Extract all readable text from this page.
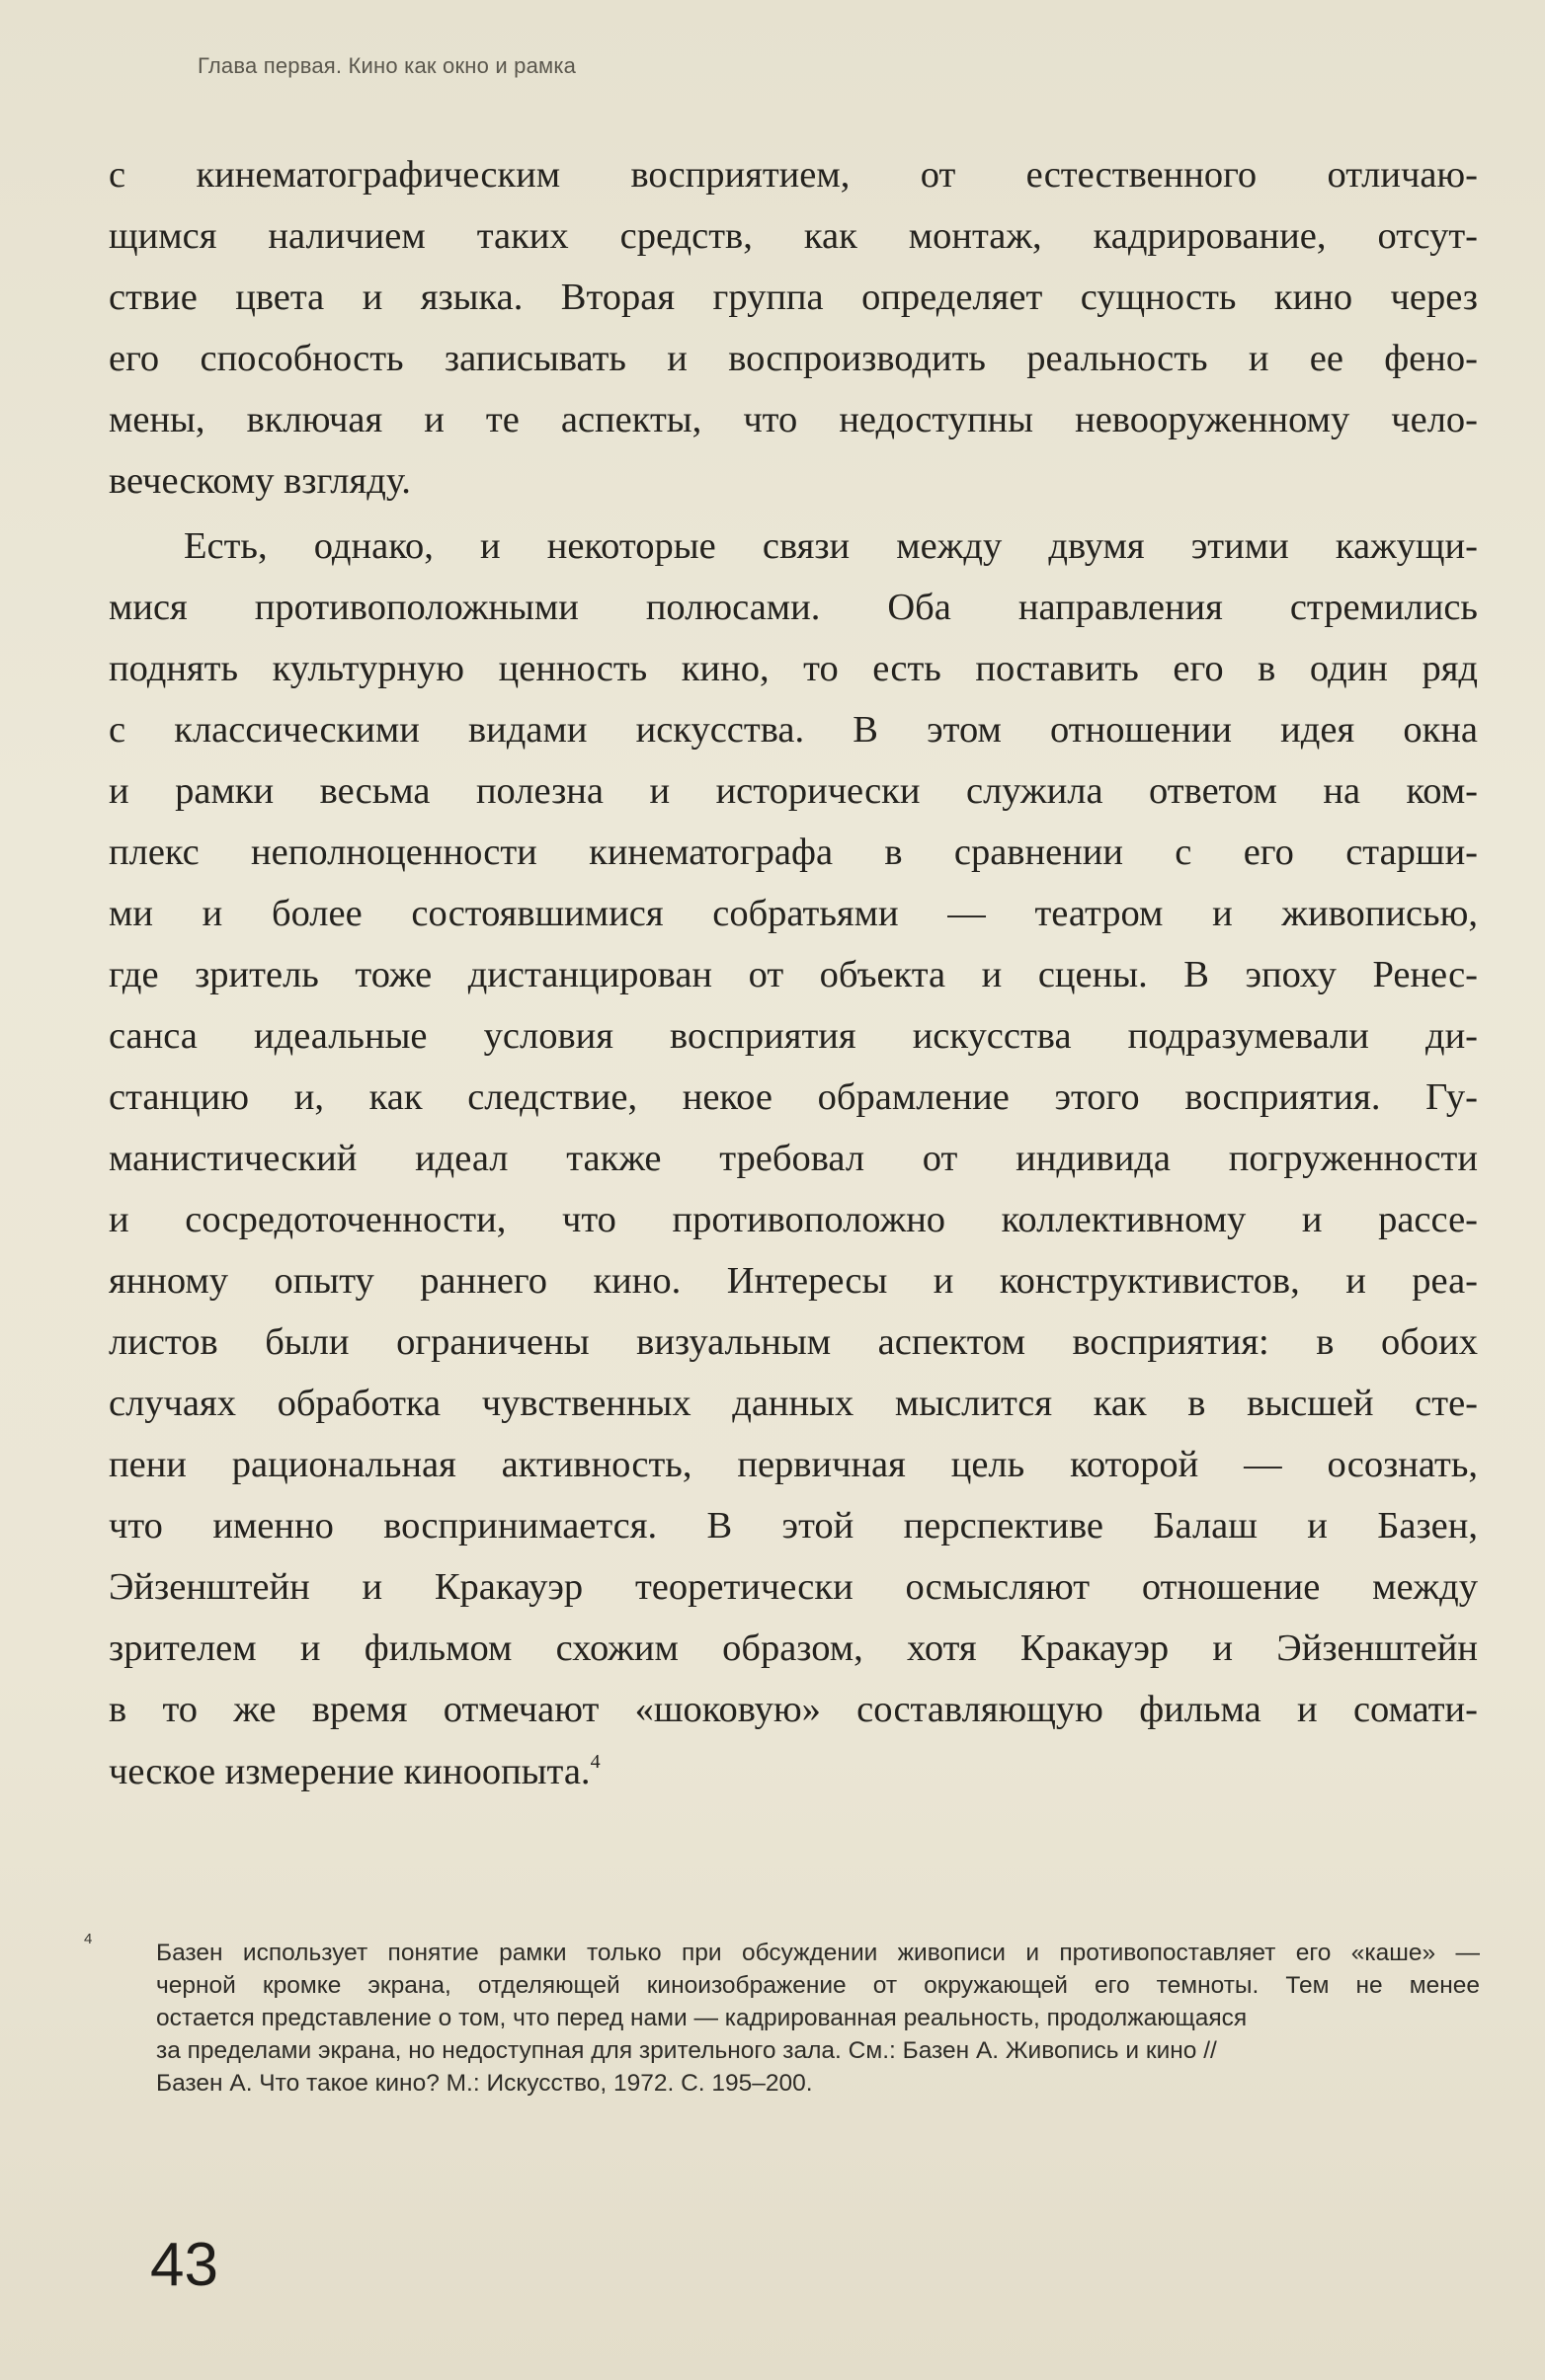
Глава первая. Кино как окно и рамка
с кинематографическим восприятием, от естественного отличаю-
щимся наличием таких средств, как монтаж, кадрирование, отсут-
ствие цвета и языка. Вторая группа определяет сущность кино через
его способность записывать и воспроизводить реальность и ее фено-
мены, включая и те аспекты, что недоступны невооруженному чело-
веческому взгляду.
Есть, однако, и некоторые связи между двумя этими кажущи-
мися противоположными полюсами. Оба направления стремились
поднять культурную ценность кино, то есть поставить его в один ряд
с классическими видами искусства. В этом отношении идея окна
и рамки весьма полезна и исторически служила ответом на ком-
плекс неполноценности кинематографа в сравнении с его старши-
ми и более состоявшимися собратьями — театром и живописью,
где зритель тоже дистанцирован от объекта и сцены. В эпоху Ренес-
санса идеальные условия восприятия искусства подразумевали ди-
станцию и, как следствие, некое обрамление этого восприятия. Гу-
манистический идеал также требовал от индивида погруженности
и сосредоточенности, что противоположно коллективному и рассе-
янному опыту раннего кино. Интересы и конструктивистов, и реа-
листов были ограничены визуальным аспектом восприятия: в обоих
случаях обработка чувственных данных мыслится как в высшей сте-
пени рациональная активность, первичная цель которой — осознать,
что именно воспринимается. В этой перспективе Балаш и Базен,
Эйзенштейн и Кракауэр теоретически осмысляют отношение между
зрителем и фильмом схожим образом, хотя Кракауэр и Эйзенштейн
в то же время отмечают «шоковую» составляющую фильма и сомати-
ческое измерение киноопыта.$^4$
4
Базен использует понятие рамки только при обсуждении живописи и противопоставляет его «каше» —
черной кромке экрана, отделяющей киноизображение от окружающей его темноты. Тем не менее
остается представление о том, что перед нами — кадрированная реальность, продолжающаяся
за пределами экрана, но недоступная для зрительного зала. См.: Базен А. Живопись и кино //
Базен А. Что такое кино? М.: Искусство, 1972. С. 195–200.
43
